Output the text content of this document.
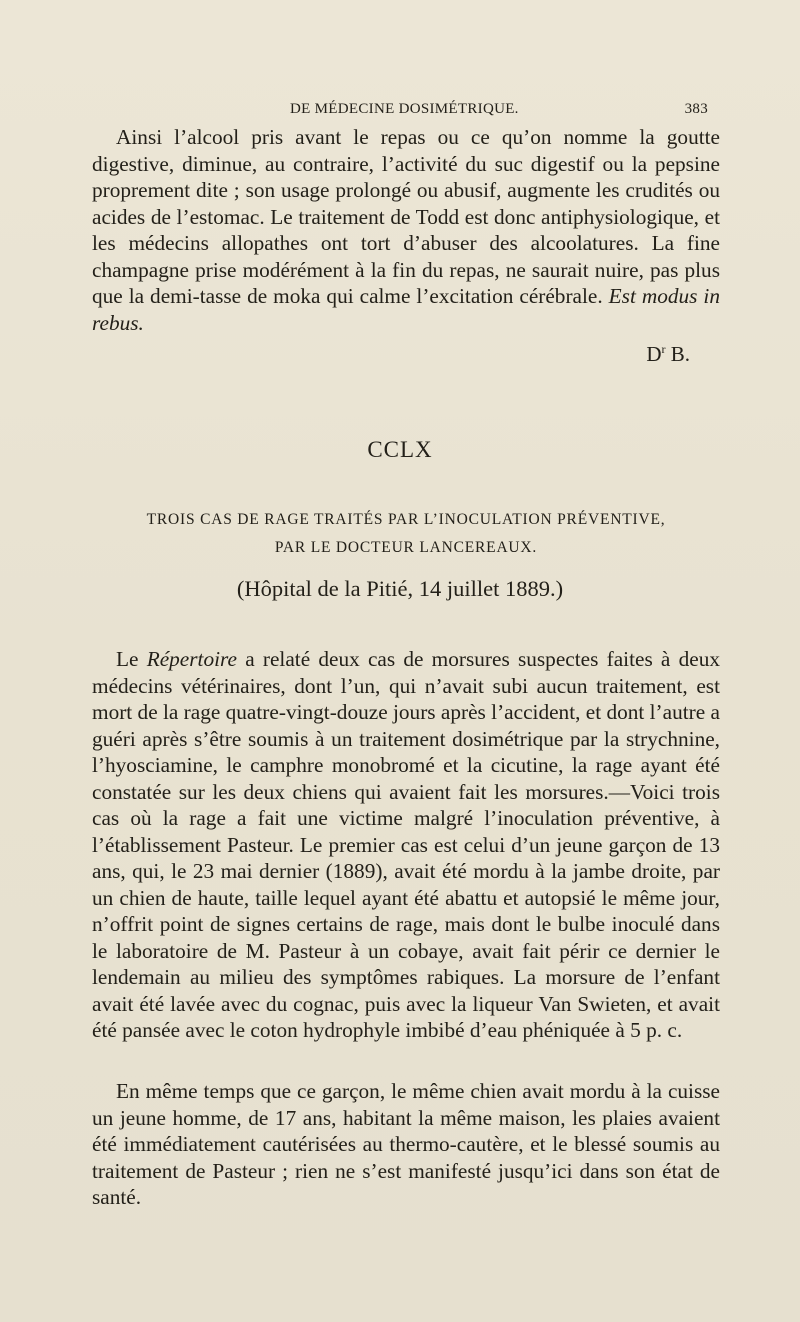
DE MÉDECINE DOSIMÉTRIQUE.	383

Ainsi l’alcool pris avant le repas ou ce qu’on nomme la goutte digestive, diminue, au contraire, l’activité du suc digestif ou la pepsine proprement dite ; son usage prolongé ou abusif, augmente les crudités ou acides de l’estomac. Le traitement de Todd est donc antiphysiologique, et les médecins allopathes ont tort d’abuser des alcoolatures. La fine champagne prise modérément à la fin du repas, ne saurait nuire, pas plus que la demi-tasse de moka qui calme l’excitation cérébrale. Est modus in rebus.

$D^r$ B.
CCLX
TROIS CAS DE RAGE TRAITÉS PAR L’INOCULATION PRÉVENTIVE,
PAR LE DOCTEUR LANCEREAUX.
(Hôpital de la Pitié, 14 juillet 1889.)

Le Répertoire a relaté deux cas de morsures suspectes faites à deux médecins vétérinaires, dont l’un, qui n’avait subi aucun traitement, est mort de la rage quatre-vingt-douze jours après l’accident, et dont l’autre a guéri après s’être soumis à un traitement dosimétrique par la strychnine, l’hyosciamine, le camphre monobromé et la cicutine, la rage ayant été constatée sur les deux chiens qui avaient fait les morsures.—Voici trois cas où la rage a fait une victime malgré l’inoculation préventive, à l’établissement Pasteur. Le premier cas est celui d’un jeune garçon de 13 ans, qui, le 23 mai dernier (1889), avait été mordu à la jambe droite, par un chien de haute, taille lequel ayant été abattu et autopsié le même jour, n’offrit point de signes certains de rage, mais dont le bulbe inoculé dans le laboratoire de M. Pasteur à un cobaye, avait fait périr ce dernier le lendemain au milieu des symptômes rabiques. La morsure de l’enfant avait été lavée avec du cognac, puis avec la liqueur Van Swieten, et avait été pansée avec le coton hydrophyle imbibé d’eau phéniquée à 5 p. c.

En même temps que ce garçon, le même chien avait mordu à la cuisse un jeune homme, de 17 ans, habitant la même maison, les plaies avaient été immédiatement cautérisées au thermo-cautère, et le blessé soumis au traitement de Pasteur ; rien ne s’est manifesté jusqu’ici dans son état de santé.
